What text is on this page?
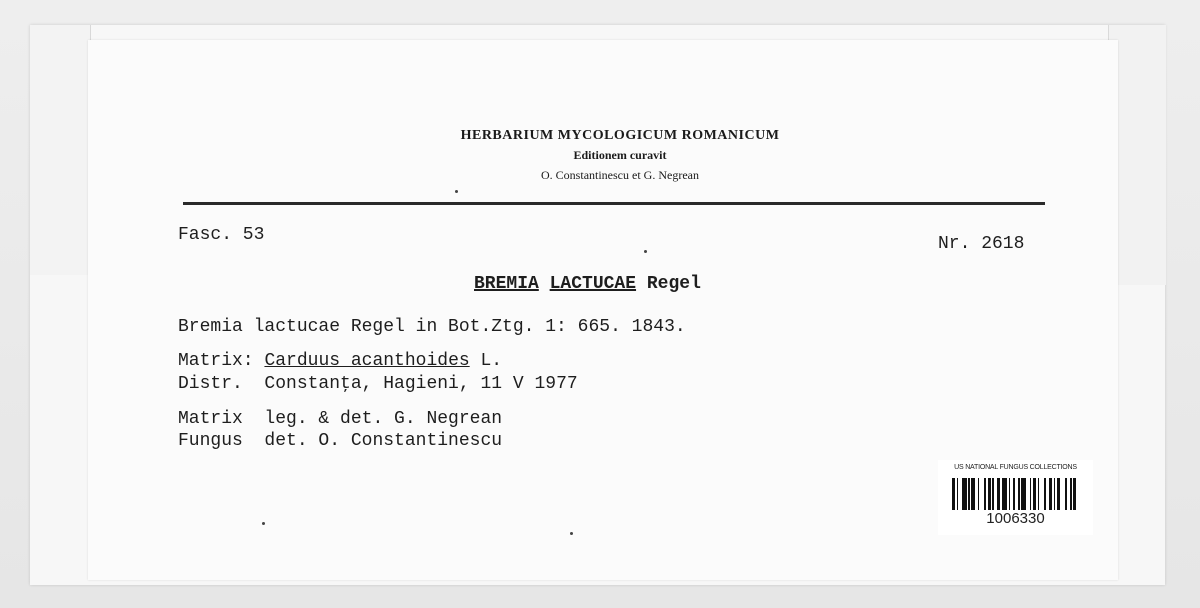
HERBARIUM MYCOLOGICUM ROMANICUM

Editionem curavit

O. Constantinescu et G. Negrean

Fasc. 53	Nr. 2618
BREMIA LACTUCAE Regel
Bremia lactucae Regel in Bot.Ztg. 1: 665. 1843.
Matrix: Carduus acanthoides L.
Distr. Constanţa, Hagieni, 11 V 1977
Matrix leg. & det. G. Negrean
Fungus det. O. Constantinescu
US NATIONAL FUNGUS COLLECTIONS
1006330
